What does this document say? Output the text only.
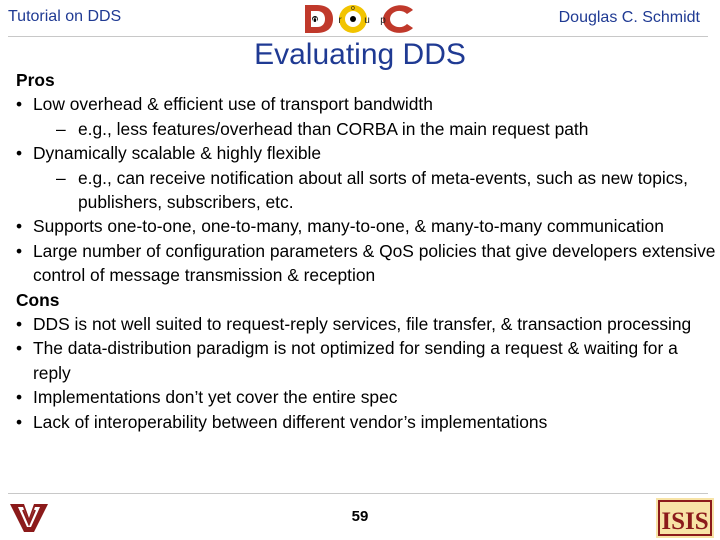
Tutorial on DDS	g r
o
u p	Douglas C. Schmidt
Evaluating DDS
Pros
• Low overhead & efficient use of transport bandwidth
– e.g., less features/overhead than CORBA in the main request path
• Dynamically scalable & highly flexible
– e.g., can receive notification about all sorts of meta-events, such as new topics, publishers, subscribers, etc.
• Supports one-to-one, one-to-many, many-to-one, & many-to-many communication
• Large number of configuration parameters & QoS policies that give developers extensive control of message transmission & reception
Cons
• DDS is not well suited to request-reply services, file transfer, & transaction processing
• The data-distribution paradigm is not optimized for sending a request & waiting for a reply
• Implementations don’t yet cover the entire spec
• Lack of interoperability between different vendor’s implementations
59	ISIS
